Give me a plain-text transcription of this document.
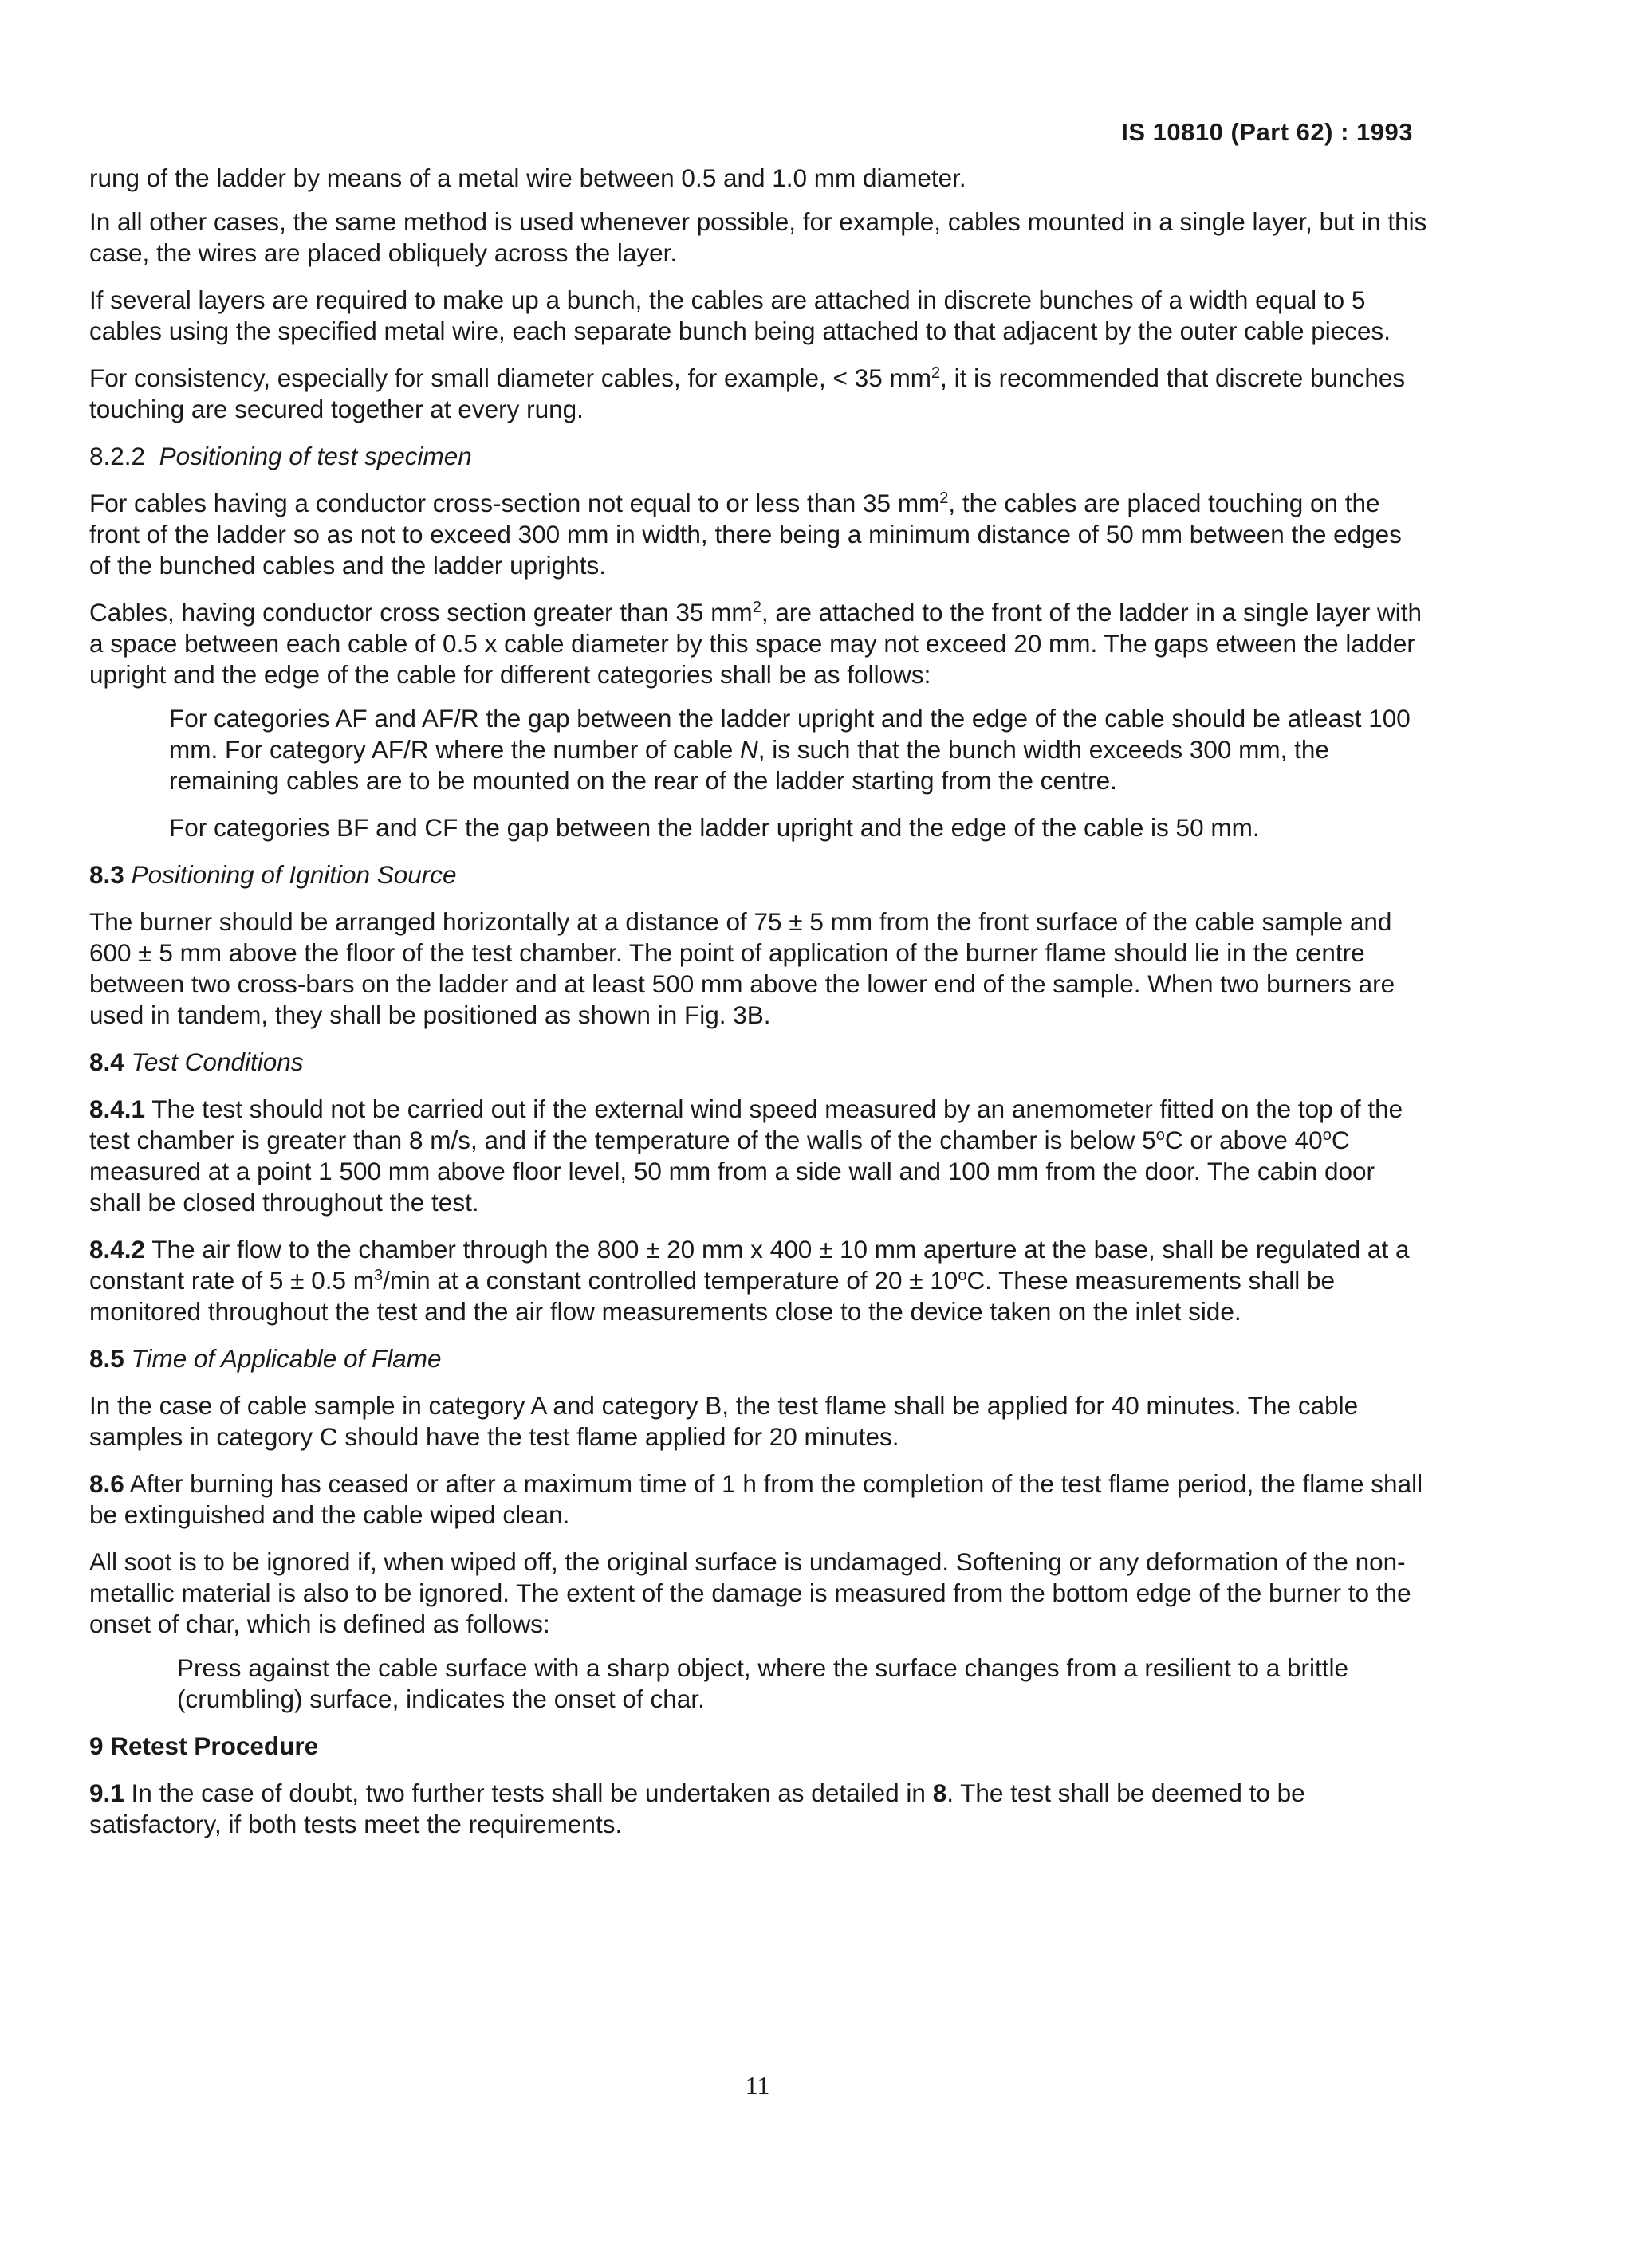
IS 10810 (Part 62) : 1993

rung of the ladder by means of a metal wire between 0.5 and 1.0 mm diameter.

In all other cases, the same method is used whenever possible, for example, cables mounted in a single layer, but in this case, the wires are placed obliquely across the layer.

If several layers are required to make up a bunch, the cables are attached in discrete bunches of a width equal to 5 cables using the specified metal wire, each separate bunch being attached to that adjacent by the outer cable pieces.

For consistency, especially for small diameter cables, for example, < 35 $mm^2$, it is recommended that discrete bunches touching are secured together at every rung.

8.2.2 Positioning of test specimen

For cables having a conductor cross-section not equal to or less than 35 $mm^2$, the cables are placed touching on the front of the ladder so as not to exceed 300 mm in width, there being a minimum distance of 50 mm between the edges of the bunched cables and the ladder uprights.

Cables, having conductor cross section greater than 35 $mm^2$, are attached to the front of the ladder in a single layer with a space between each cable of 0.5 x cable diameter by this space may not exceed 20 mm. The gaps etween the ladder upright and the edge of the cable for different categories shall be as follows:

For categories AF and AF/R the gap between the ladder upright and the edge of the cable should be atleast 100 mm. For category AF/R where the number of cable N, is such that the bunch width exceeds 300 mm, the remaining cables are to be mounted on the rear of the ladder starting from the centre.

For categories BF and CF the gap between the ladder upright and the edge of the cable is 50 mm.

8.3 Positioning of Ignition Source

The burner should be arranged horizontally at a distance of 75 ± 5 mm from the front surface of the cable sample and 600 ± 5 mm above the floor of the test chamber. The point of application of the burner flame should lie in the centre between two cross-bars on the ladder and at least 500 mm above the lower end of the sample. When two burners are used in tandem, they shall be positioned as shown in Fig. 3B.

8.4 Test Conditions

8.4.1 The test should not be carried out if the external wind speed measured by an anemometer fitted on the top of the test chamber is greater than 8 m/s, and if the temperature of the walls of the chamber is below 5$^o$C or above 40$^o$C measured at a point 1 500 mm above floor level, 50 mm from a side wall and 100 mm from the door. The cabin door shall be closed throughout the test.

8.4.2 The air flow to the chamber through the 800 ± 20 mm x 400 ± 10 mm aperture at the base, shall be regulated at a constant rate of 5 ± 0.5 $m^3/\min$ at a constant controlled temperature of $20 \pm 10^oC$. These measurements shall be monitored throughout the test and the air flow measurements close to the device taken on the inlet side.

8.5 Time of Applicable of Flame

In the case of cable sample in category A and category B, the test flame shall be applied for 40 minutes. The cable samples in category C should have the test flame applied for 20 minutes.

8.6 After burning has ceased or after a maximum time of 1 h from the completion of the test flame period, the flame shall be extinguished and the cable wiped clean.

All soot is to be ignored if, when wiped off, the original surface is undamaged. Softening or any deformation of the non-metallic material is also to be ignored. The extent of the damage is measured from the bottom edge of the burner to the onset of char, which is defined as follows:

Press against the cable surface with a sharp object, where the surface changes from a resilient to a brittle (crumbling) surface, indicates the onset of char.

9 Retest Procedure

9.1 In the case of doubt, two further tests shall be undertaken as detailed in 8. The test shall be deemed to be satisfactory, if both tests meet the requirements.

11
